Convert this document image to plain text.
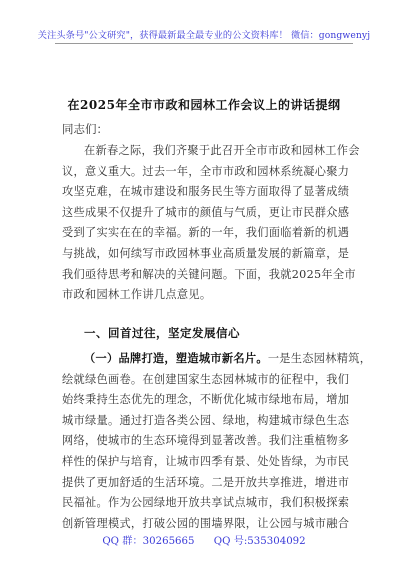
关注头条号"公文研究"，获得最新最全最专业的公文资料库！ 微信：gongwenyj
在2025年全市市政和园林工作会议上的讲话提纲
同志们：
在新春之际，我们齐聚于此召开全市市政和园林工作会
议，意义重大。过去一年，全市市政和园林系统凝心聚力
攻坚克难，在城市建设和服务民生等方面取得了显著成绩
这些成果不仅提升了城市的颜值与气质，更让市民群众感
受到了实实在在的幸福。新的一年，我们面临着新的机遇
与挑战，如何续写市政园林事业高质量发展的新篇章，是
我们亟待思考和解决的关键问题。下面，我就2025年全市
市政和园林工作讲几点意见。
一、回首过往，坚定发展信心
（一）品牌打造，塑造城市新名片。一是生态园林精筑，
绘就绿色画卷。在创建国家生态园林城市的征程中，我们
始终秉持生态优先的理念，不断优化城市绿地布局，增加
城市绿量。通过打造各类公园、绿地，构建城市绿色生态
网络，使城市的生态环境得到显著改善。我们注重植物多
样性的保护与培育，让城市四季有景、处处皆绿，为市民
提供了更加舒适的生活环境。二是开放共享推进，增进市
民福祉。作为公园绿地开放共享试点城市，我们积极探索
创新管理模式，打破公园的围墙界限，让公园与城市融合
QQ 群：30265665 QQ 号:535304092
